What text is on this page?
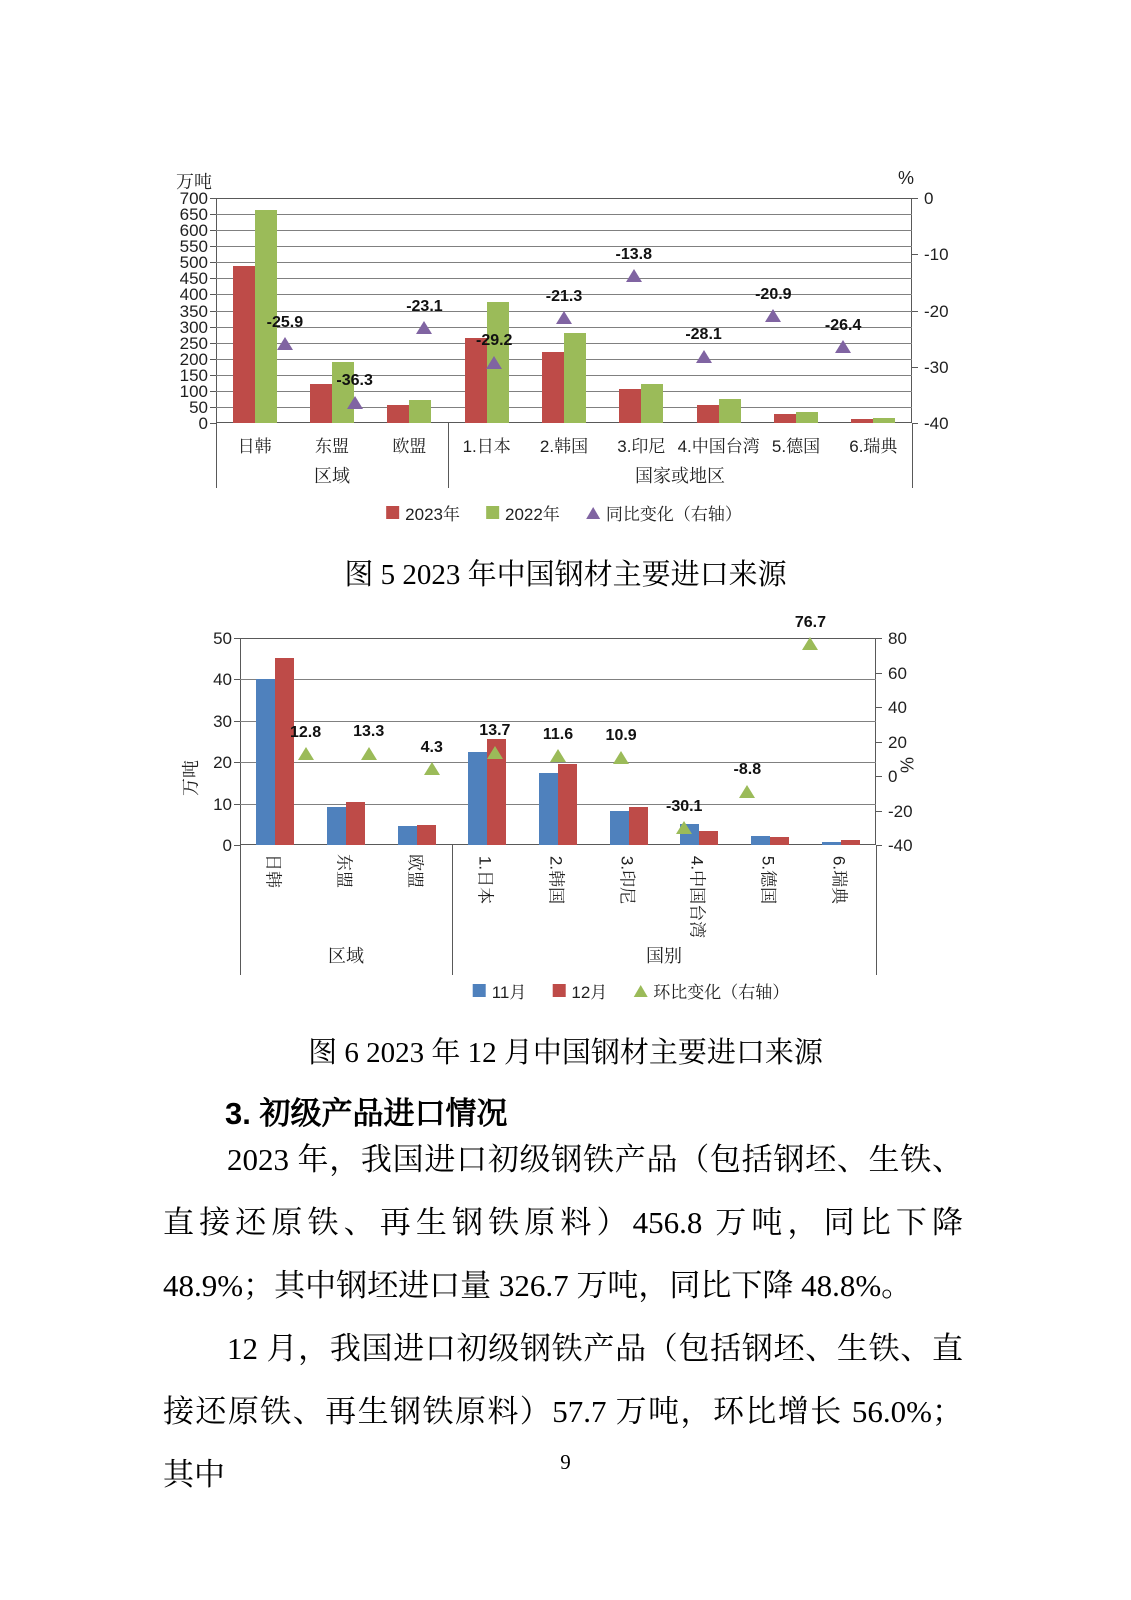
0
50
100
150
200
250
300
350
400
450
500
550
600
650
700	0
-10
-20
-30
-40
-25.9
-36.3
-23.1
-29.2
-21.3
-13.8
-28.1
-20.9
-26.4
日韩	东盟	欧盟 1.日本 2.韩国 3.印尼 4.中国台湾 5.德国 6.瑞典
区域	国家或地区
万吨	%
2023年	2022年	同比变化（右轴）
图 5 2023 年中国钢材主要进口来源
0
10
20
30
40
50	80
60
40
20
0
-20
-40
12.8 13.3
4.3
13.7 11.6 10.9
-30.1
-8.8
76.7
日韩	东盟	欧盟	1.日本	2.韩国	3.印尼	4.中国台湾	5.德国	6.瑞典
区域	国别
万吨	%
11月	12月	环比变化（右轴）
图 6 2023 年 12 月中国钢材主要进口来源
3. 初级产品进口情况

2023 年，我国进口初级钢铁产品（包括钢坯、生铁、直接还原铁、再生钢铁原料）456.8 万吨，同比下降 48.9%；其中钢坯进口量 326.7 万吨，同比下降 48.8%。

12 月，我国进口初级钢铁产品（包括钢坯、生铁、直接还原铁、再生钢铁原料）57.7 万吨，环比增长 56.0%；其中	9
